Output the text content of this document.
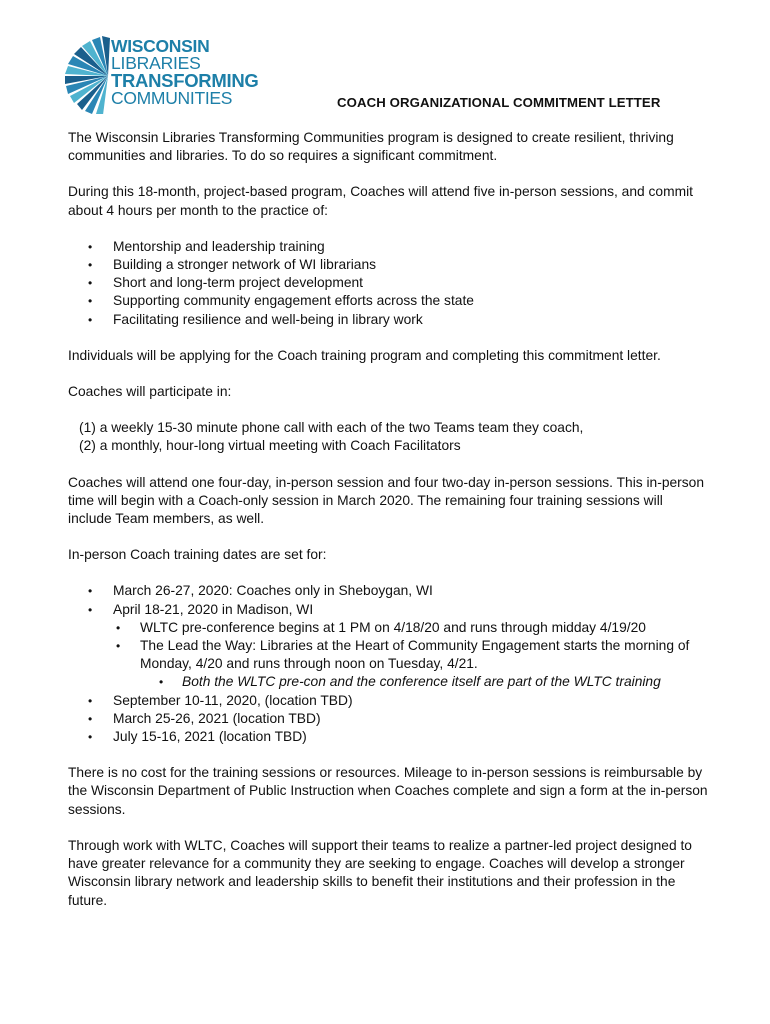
WISCONSIN
LIBRARIES
TRANSFORMING
COMMUNITIES	COACH ORGANIZATIONAL COMMITMENT LETTER

The Wisconsin Libraries Transforming Communities program is designed to create resilient, thriving communities and libraries. To do so requires a significant commitment.

During this 18-month, project-based program, Coaches will attend five in-person sessions, and commit about 4 hours per month to the practice of:

• Mentorship and leadership training
• Building a stronger network of WI librarians
• Short and long-term project development
• Supporting community engagement efforts across the state
• Facilitating resilience and well-being in library work

Individuals will be applying for the Coach training program and completing this commitment letter.

Coaches will participate in:

(1) a weekly 15-30 minute phone call with each of the two Teams team they coach,
(2) a monthly, hour-long virtual meeting with Coach Facilitators

Coaches will attend one four-day, in-person session and four two-day in-person sessions. This in-person time will begin with a Coach-only session in March 2020. The remaining four training sessions will include Team members, as well.

In-person Coach training dates are set for:

• March 26-27, 2020: Coaches only in Sheboygan, WI
• April 18-21, 2020 in Madison, WI
• WLTC pre-conference begins at 1 PM on 4/18/20 and runs through midday 4/19/20
• The Lead the Way: Libraries at the Heart of Community Engagement starts the morning of Monday, 4/20 and runs through noon on Tuesday, 4/21.
• Both the WLTC pre-con and the conference itself are part of the WLTC training
• September 10-11, 2020, (location TBD)
• March 25-26, 2021 (location TBD)
• July 15-16, 2021 (location TBD)

There is no cost for the training sessions or resources. Mileage to in-person sessions is reimbursable by the Wisconsin Department of Public Instruction when Coaches complete and sign a form at the in-person sessions.

Through work with WLTC, Coaches will support their teams to realize a partner-led project designed to have greater relevance for a community they are seeking to engage. Coaches will develop a stronger Wisconsin library network and leadership skills to benefit their institutions and their profession in the future.
